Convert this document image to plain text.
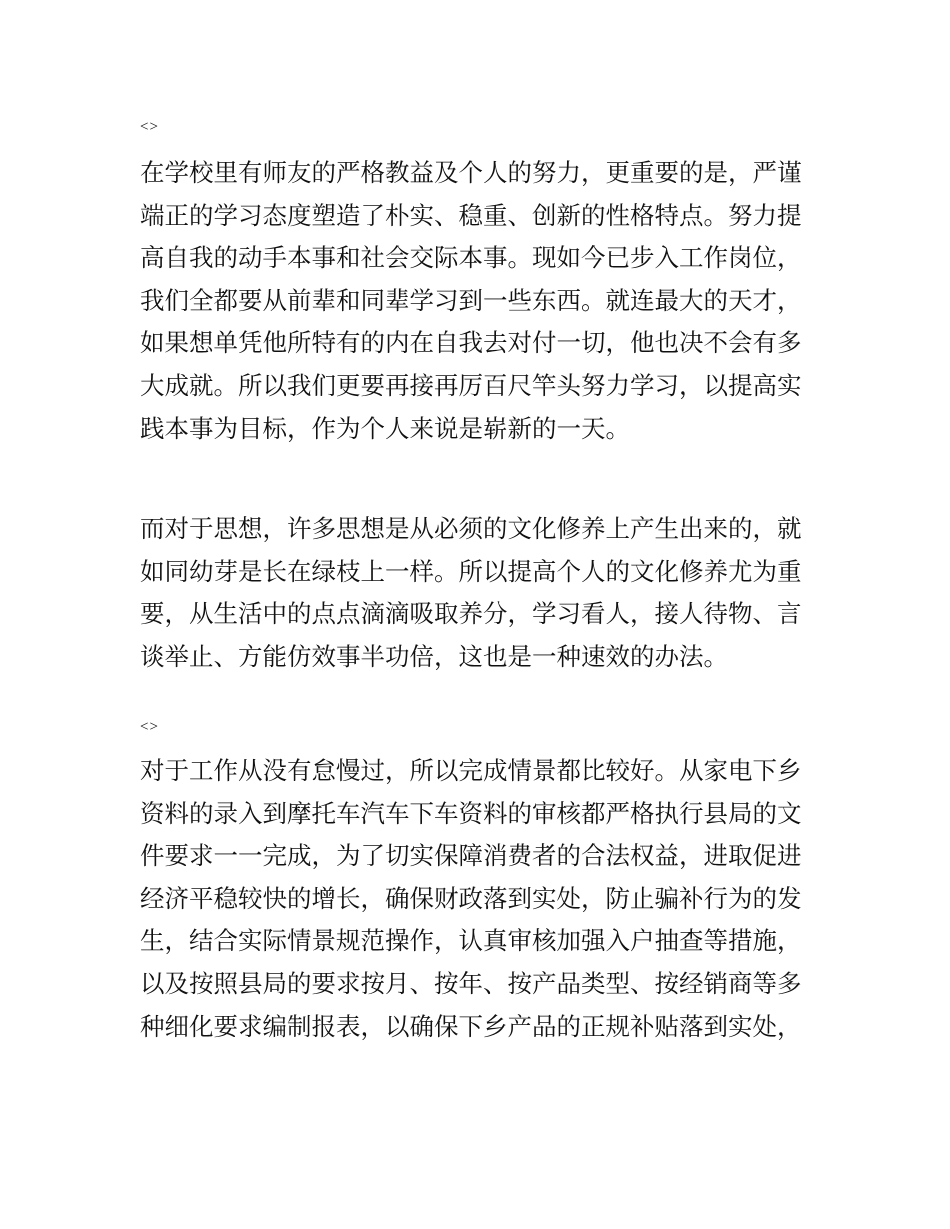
<>
在学校里有师友的严格教益及个人的努力，更重要的是，严谨
端正的学习态度塑造了朴实、稳重、创新的性格特点。努力提
高自我的动手本事和社会交际本事。现如今已步入工作岗位，
我们全都要从前辈和同辈学习到一些东西。就连最大的天才，
如果想单凭他所特有的内在自我去对付一切，他也决不会有多
大成就。所以我们更要再接再厉百尺竿头努力学习，以提高实
践本事为目标，作为个人来说是崭新的一天。
而对于思想，许多思想是从必须的文化修养上产生出来的，就
如同幼芽是长在绿枝上一样。所以提高个人的文化修养尤为重
要，从生活中的点点滴滴吸取养分，学习看人，接人待物、言
谈举止、方能仿效事半功倍，这也是一种速效的办法。
<>
对于工作从没有怠慢过，所以完成情景都比较好。从家电下乡
资料的录入到摩托车汽车下车资料的审核都严格执行县局的文
件要求一一完成，为了切实保障消费者的合法权益，进取促进
经济平稳较快的增长，确保财政落到实处，防止骗补行为的发
生，结合实际情景规范操作，认真审核加强入户抽查等措施，
以及按照县局的要求按月、按年、按产品类型、按经销商等多
种细化要求编制报表，以确保下乡产品的正规补贴落到实处，
